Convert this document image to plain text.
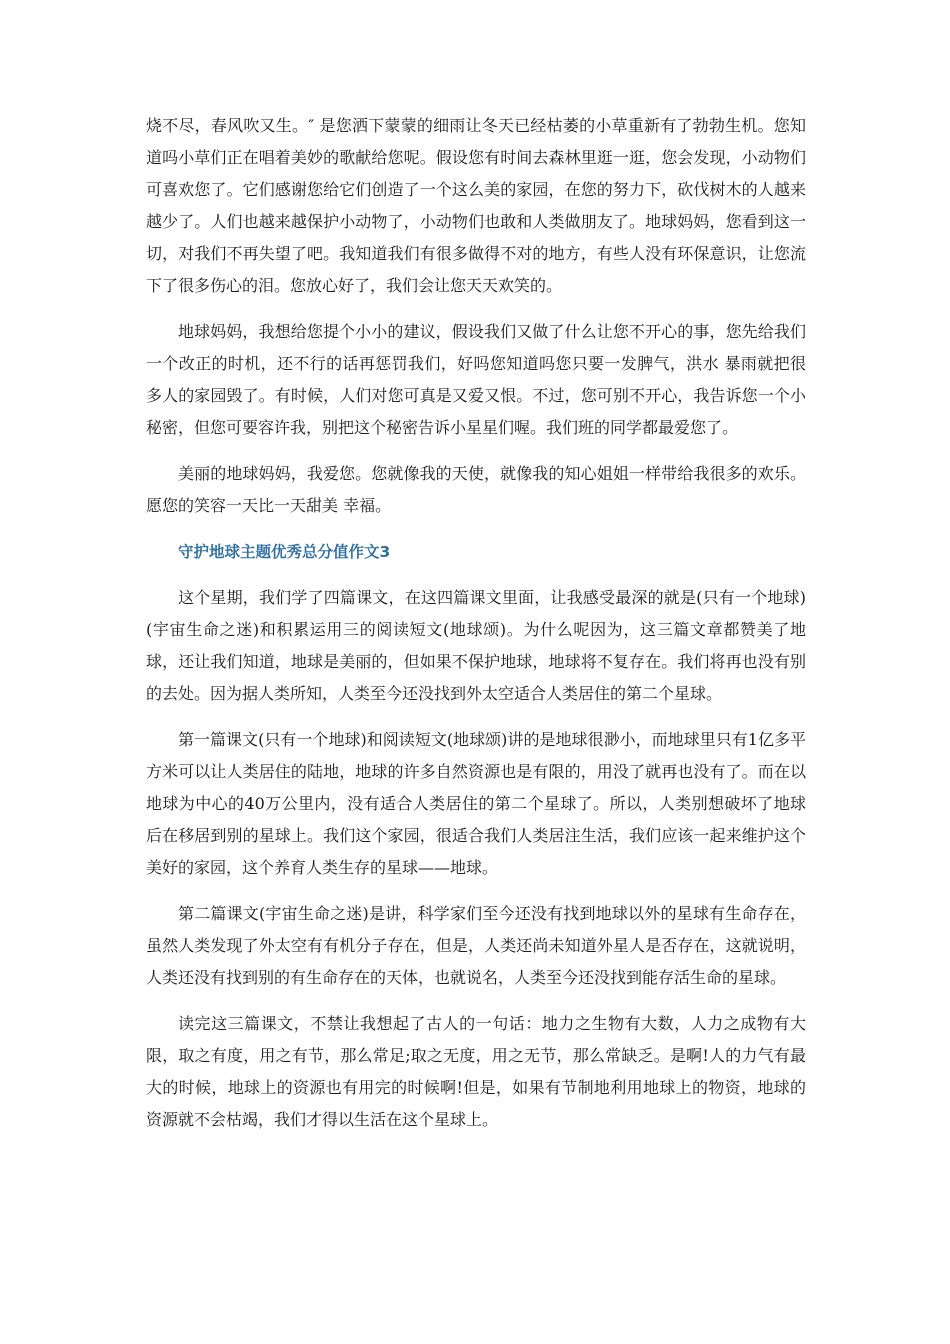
烧不尽，春风吹又生。″ 是您洒下蒙蒙的细雨让冬天已经枯萎的小草重新有了勃勃生机。您知道吗小草们正在唱着美妙的歌献给您呢。假设您有时间去森林里逛一逛，您会发现，小动物们可喜欢您了。它们感谢您给它们创造了一个这么美的家园，在您的努力下，砍伐树木的人越来越少了。人们也越来越保护小动物了，小动物们也敢和人类做朋友了。地球妈妈，您看到这一切，对我们不再失望了吧。我知道我们有很多做得不对的地方，有些人没有环保意识，让您流下了很多伤心的泪。您放心好了，我们会让您天天欢笑的。

地球妈妈，我想给您提个小小的建议，假设我们又做了什么让您不开心的事，您先给我们一个改正的时机，还不行的话再惩罚我们，好吗您知道吗您只要一发脾气，洪水 暴雨就把很多人的家园毁了。有时候，人们对您可真是又爱又恨。不过，您可别不开心，我告诉您一个小秘密，但您可要容许我，别把这个秘密告诉小星星们喔。我们班的同学都最爱您了。

美丽的地球妈妈，我爱您。您就像我的天使，就像我的知心姐姐一样带给我很多的欢乐。愿您的笑容一天比一天甜美 幸福。

守护地球主题优秀总分值作文3

这个星期，我们学了四篇课文，在这四篇课文里面，让我感受最深的就是(只有一个地球) (宇宙生命之迷)和积累运用三的阅读短文(地球颂)。为什么呢因为，这三篇文章都赞美了地球，还让我们知道，地球是美丽的，但如果不保护地球，地球将不复存在。我们将再也没有别的去处。因为据人类所知，人类至今还没找到外太空适合人类居住的第二个星球。

第一篇课文(只有一个地球)和阅读短文(地球颂)讲的是地球很渺小，而地球里只有1亿多平方米可以让人类居住的陆地，地球的许多自然资源也是有限的，用没了就再也没有了。而在以地球为中心的40万公里内，没有适合人类居住的第二个星球了。所以，人类别想破坏了地球后在移居到别的星球上。我们这个家园，很适合我们人类居注生活，我们应该一起来维护这个美好的家园，这个养育人类生存的星球——地球。

第二篇课文(宇宙生命之迷)是讲，科学家们至今还没有找到地球以外的星球有生命存在，虽然人类发现了外太空有有机分子存在，但是，人类还尚未知道外星人是否存在，这就说明，人类还没有找到别的有生命存在的天体，也就说名，人类至今还没找到能存活生命的星球。

读完这三篇课文，不禁让我想起了古人的一句话：地力之生物有大数，人力之成物有大限，取之有度，用之有节，那么常足;取之无度，用之无节，那么常缺乏。是啊!人的力气有最大的时候，地球上的资源也有用完的时候啊!但是，如果有节制地利用地球上的物资，地球的资源就不会枯竭，我们才得以生活在这个星球上。
